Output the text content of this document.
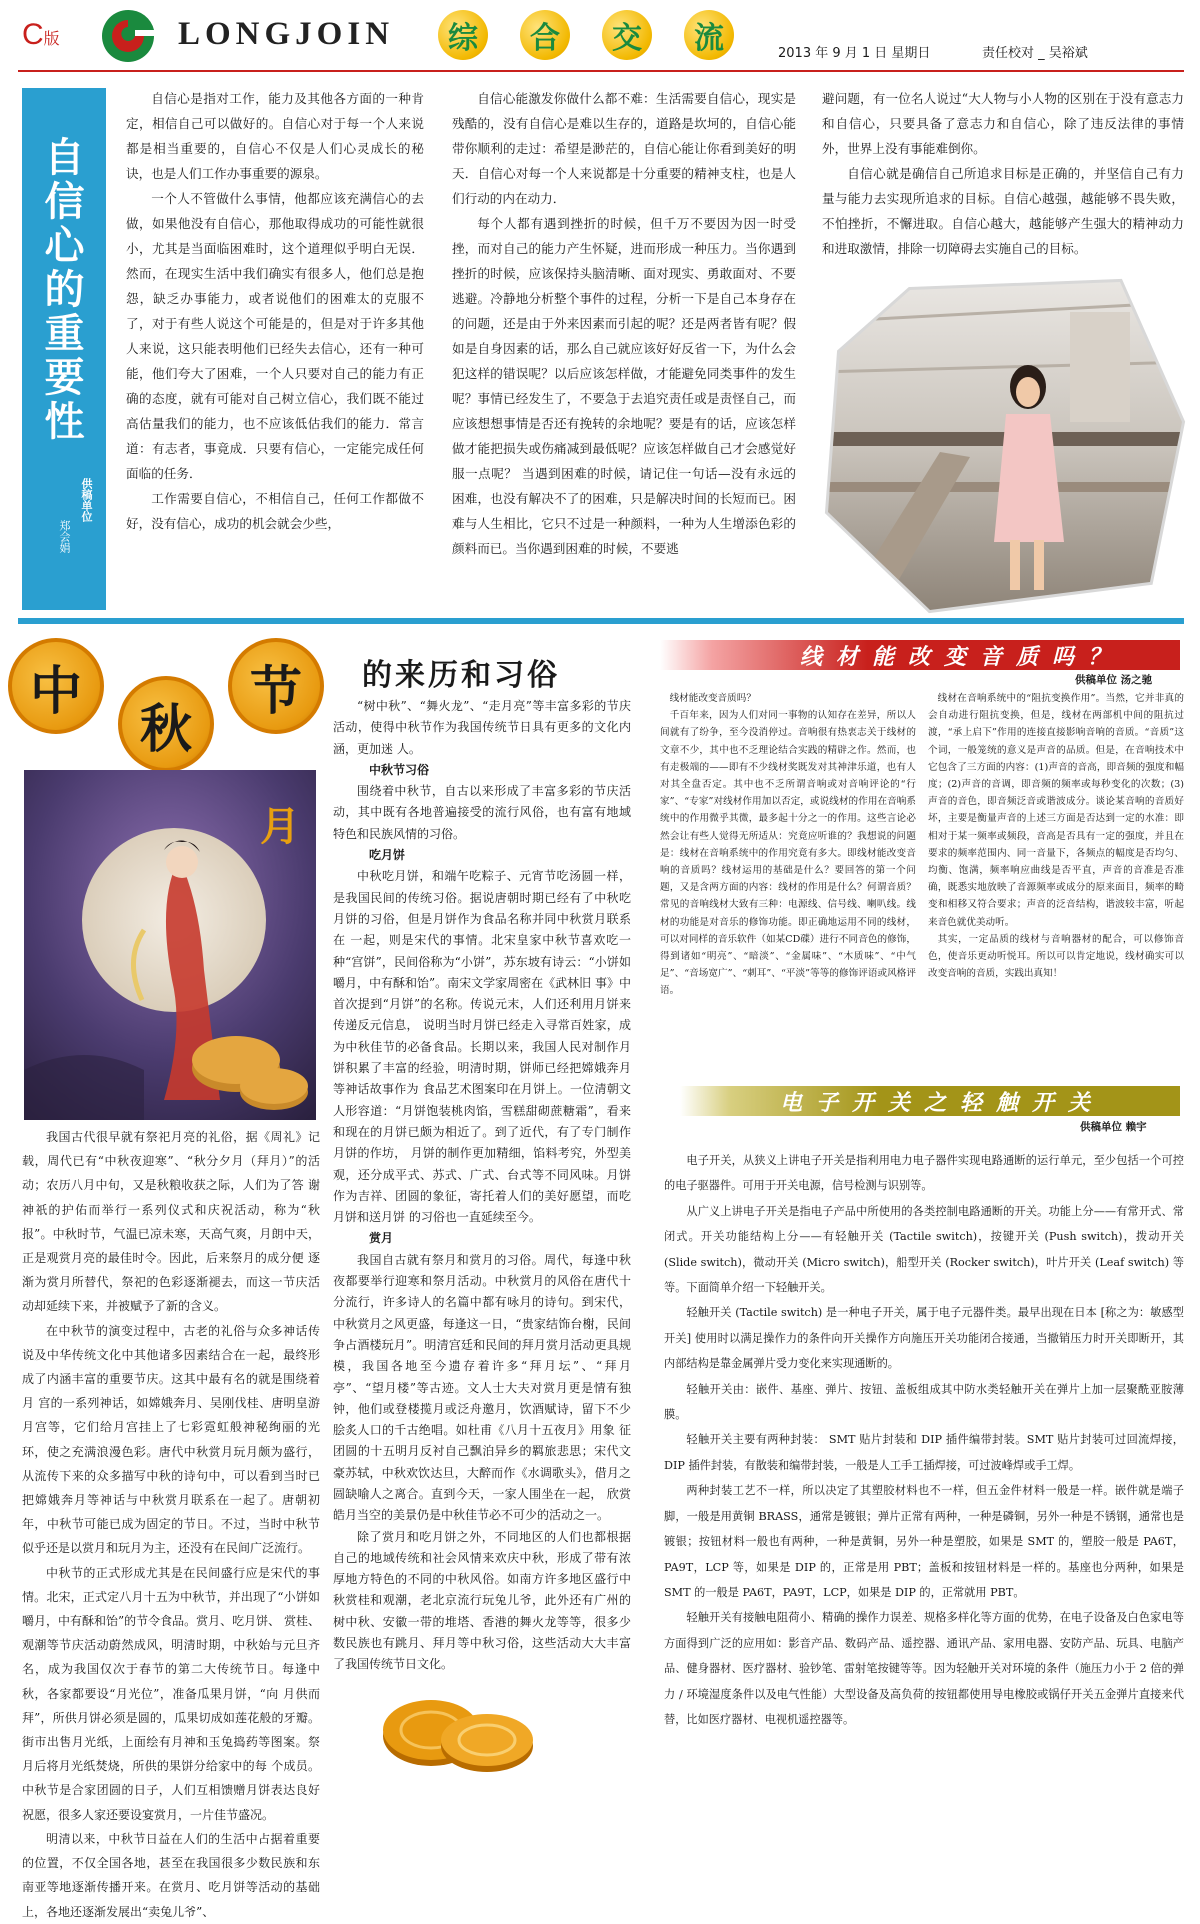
C版	LONGJOIN	综	合	交	流	2013 年 9 月 1 日 星期日	责任校对 _ 吴裕斌
自信心的重要性
供稿单位
郑会娟

自信心是指对工作，能力及其他各方面的一种肯定，相信自己可以做好的。自信心对于每一个人来说都是相当重要的，自信心不仅是人们心灵成长的秘诀，也是人们工作办事重要的源泉。

一个人不管做什么事情，他都应该充满信心的去做，如果他没有自信心，那他取得成功的可能性就很小，尤其是当面临困难时，这个道理似乎明白无误．然而，在现实生活中我们确实有很多人，他们总是抱怨，缺乏办事能力，或者说他们的困难太的克服不了，对于有些人说这个可能是的，但是对于许多其他人来说，这只能表明他们已经失去信心，还有一种可能，他们夸大了困难，一个人只要对自己的能力有正确的态度，就有可能对自己树立信心，我们既不能过高估量我们的能力，也不应该低估我们的能力．常言道：有志者，事竟成．只要有信心，一定能完成任何面临的任务．

工作需要自信心，不相信自己，任何工作都做不好，没有信心，成功的机会就会少些，

自信心能激发你做什么都不难：生活需要自信心，现实是残酷的，没有自信心是难以生存的，道路是坎坷的，自信心能带你顺利的走过：希望是渺茫的，自信心能让你看到美好的明天．自信心对每一个人来说都是十分重要的精神支柱，也是人们行动的内在动力．

每个人都有遇到挫折的时候，但千万不要因为因一时受挫，而对自己的能力产生怀疑，进而形成一种压力。当你遇到挫折的时候，应该保持头脑清晰、面对现实、勇敢面对、不要逃避。冷静地分析整个事件的过程，分析一下是自己本身存在的问题，还是由于外来因素而引起的呢？还是两者皆有呢？假如是自身因素的话，那么自己就应该好好反省一下，为什么会犯这样的错误呢？以后应该怎样做，才能避免同类事件的发生呢？事情已经发生了，不要急于去追究责任或是责怪自己，而应该想想事情是否还有挽转的余地呢？要是有的话，应该怎样做才能把损失或伤痛减到最低呢？应该怎样做自己才会感觉好服一点呢？ 当遇到困难的时候，请记住一句话—没有永远的困难，也没有解决不了的困难，只是解决时间的长短而已。困难与人生相比，它只不过是一种颜料，一种为人生增添色彩的颜料而已。当你遇到困难的时候，不要逃

避问题，有一位名人说过“大人物与小人物的区别在于没有意志力和自信心，只要具备了意志力和自信心，除了违反法律的事情外，世界上没有事能难倒你。

自信心就是确信自己所追求目标是正确的，并坚信自己有力量与能力去实现所追求的目标。自信心越强，越能够不畏失败，不怕挫折，不懈进取。自信心越大，越能够产生强大的精神动力和进取激情，排除一切障碍去实施自己的目标。

中
秋
节	的来历和习俗
月

我国古代很早就有祭祀月亮的礼俗，据《周礼》记载，周代已有“中秋夜迎寒”、“秋分夕月（拜月）”的活动；农历八月中旬，又是秋粮收获之际，人们为了答 谢神祇的护佑而举行一系列仪式和庆祝活动，称为“秋报”。中秋时节，气温已凉未寒，天高气爽，月朗中天，正是观赏月亮的最佳时令。因此，后来祭月的成分便 逐渐为赏月所替代，祭祀的色彩逐渐褪去，而这一节庆活动却延续下来，并被赋予了新的含义。

在中秋节的演变过程中，古老的礼俗与众多神话传说及中华传统文化中其他诸多因素结合在一起，最终形成了内涵丰富的重要节庆。这其中最有名的就是围绕着月 宫的一系列神话，如嫦娥奔月、吴刚伐桂、唐明皇游月宫等，它们给月宫挂上了七彩霓虹般神秘绚丽的光环，使之充满浪漫色彩。唐代中秋赏月玩月颇为盛行，从流传下来的众多描写中秋的诗句中，可以看到当时已把嫦娥奔月等神话与中秋赏月联系在一起了。唐朝初年，中秋节可能已成为固定的节日。不过，当时中秋节似乎还是以赏月和玩月为主，还没有在民间广泛流行。

中秋节的正式形成尤其是在民间盛行应是宋代的事情。北宋，正式定八月十五为中秋节，并出现了“小饼如嚼月，中有酥和饴”的节令食品。赏月、吃月饼、 赏桂、观潮等节庆活动蔚然成风，明清时期，中秋始与元旦齐名，成为我国仅次于春节的第二大传统节日。每逢中秋，各家都要设“月光位”，准备瓜果月饼，“向 月供而拜”，所供月饼必须是圆的，瓜果切成如莲花般的牙瓣。街市出售月光纸，上面绘有月神和玉兔捣药等图案。祭月后将月光纸焚烧，所供的果饼分给家中的每 个成员。中秋节是合家团圆的日子，人们互相馈赠月饼表达良好祝愿，很多人家还要设宴赏月，一片佳节盛况。

明清以来，中秋节日益在人们的生活中占据着重要的位置，不仅全国各地，甚至在我国很多少数民族和东南亚等地逐渐传播开来。在赏月、吃月饼等活动的基础 上，各地还逐渐发展出“卖兔儿爷”、

“树中秋”、“舞火龙”、“走月亮”等丰富多彩的节庆活动，使得中秋节作为我国传统节日具有更多的文化内涵，更加迷 人。

中秋节习俗

围绕着中秋节，自古以来形成了丰富多彩的节庆活动，其中既有各地普遍接受的流行风俗，也有富有地域特色和民族风情的习俗。

吃月饼

中秋吃月饼，和端午吃粽子、元宵节吃汤圆一样，是我国民间的传统习俗。据说唐朝时期已经有了中秋吃月饼的习俗，但是月饼作为食品名称并同中秋赏月联系在 一起，则是宋代的事情。北宋皇家中秋节喜欢吃一种“宫饼”，民间俗称为“小饼”，苏东坡有诗云：“小饼如嚼月，中有酥和饴”。南宋文学家周密在《武林旧 事》中首次提到“月饼”的名称。传说元末，人们还利用月饼来传递反元信息， 说明当时月饼已经走入寻常百姓家，成为中秋佳节的必备食品。长期以来，我国人民对制作月饼积累了丰富的经验，明清时期，饼师已经把嫦娥奔月等神话故事作为 食品艺术图案印在月饼上。一位清朝文人形容道：“月饼饱装桃肉馅，雪糕甜砌蔗糖霜”，看来和现在的月饼已颇为相近了。到了近代，有了专门制作月饼的作坊， 月饼的制作更加精细，馅料考究，外型美观，还分成平式、苏式、广式、台式等不同风味。月饼作为吉祥、团圆的象征，寄托着人们的美好愿望，而吃月饼和送月饼 的习俗也一直延续至今。

赏月

我国自古就有祭月和赏月的习俗。周代，每逢中秋夜都要举行迎寒和祭月活动。中秋赏月的风俗在唐代十分流行，许多诗人的名篇中都有咏月的诗句。到宋代，中秋赏月之风更盛，每逢这一日，“贵家结饰台榭，民间争占酒楼玩月”。明清宫廷和民间的拜月赏月活动更具规模，我国各地至今遗存着许多“拜月坛”、“拜月 亭”、“望月楼”等古迹。文人士大夫对赏月更是情有独钟，他们或登楼揽月或泛舟邀月，饮酒赋诗，留下不少脍炙人口的千古绝唱。如杜甫《八月十五夜月》用象 征团圆的十五明月反衬自己飘泊异乡的羁旅悲思；宋代文豪苏轼，中秋欢饮达旦，大醉而作《水调歌头》，借月之圆缺喻人之离合。直到今天，一家人围坐在一起， 欣赏皓月当空的美景仍是中秋佳节必不可少的活动之一。

除了赏月和吃月饼之外，不同地区的人们也都根据 自己的地域传统和社会风情来欢庆中秋，形成了带有浓厚地方特色的不同的中秋风俗。如南方许多地区盛行中秋赏桂和观潮，老北京流行玩兔儿爷，此外还有广州的 树中秋、安徽一带的堆塔、香港的舞火龙等等，很多少数民族也有跳月、拜月等中秋习俗，这些活动大大丰富了我国传统节日文化。

线材能改变音质吗？
供稿单位 汤之驰

线材能改变音质吗？

千百年来，因为人们对同一事物的认知存在差异，所以人间就有了纷争，至今没消停过。音响很有热衷志关于线材的文章不少，其中也不乏理论结合实践的精辟之作。然而，也有走极端的——即有不少线材奖既发对其神津乐道，也有人对其全盘否定。其中也不乏所谓音响或对音响评论的“行家”、“专家”对线材作用加以否定，或说线材的作用在音响系统中的作用微乎其微，最多起十分之一的作用。这些言论必然会让有些人觉得无所适从：究竟应听谁的？我想说的问题是：线材在音响系统中的作用究竟有多大。即线材能改变音响的音质吗？线材运用的基础是什么？要回答的第一个问题，又是含两方面的内容：线材的作用是什么？何谓音质？常见的音响线材大致有三种：电源线、信号线、喇叭线。线材的功能是对音乐的修饰功能。即正确地运用不同的线材，可以对同样的音乐软件（如某CD碟）进行不同音色的修饰，得到诸如“明亮”、“暗淡”、“金属味”、“木质味”、“中气足”、“音场宽广”、“刺耳”、“平淡”等等的修饰评语或风格评语。

线材在音响系统中的“阻抗变换作用”。当然，它并非真的会自动进行阻抗变换，但是，线材在两部机中间的阻抗过渡，“承上启下”作用的连接直接影响音响的音质。“音质”这个词，一般笼统的意义是声音的品质。但是，在音响技术中它包含了三方面的内容：(1)声音的音高，即音频的强度和幅度；(2)声音的音调，即音频的频率或每秒变化的次数；(3)声音的音色，即音频泛音或谐波成分。谈论某音响的音质好坏，主要是衡量声音的上述三方面是否达到一定的水准：即相对于某一频率或频段，音高是否具有一定的强度，并且在要求的频率范围内、同一音量下，各频点的幅度是否均匀、均衡、饱满，频率响应曲线是否平直，声音的音准是否准确，既悉实地放映了音源频率或成分的原来面目，频率的畸变和相移又符合要求；声音的泛音结构，谐波较丰富，听起来音色就优美动听。

其实，一定品质的线材与音响器材的配合，可以修饰音色，使音乐更动听悦耳。所以可以肯定地说，线材确实可以改变音响的音质，实践出真知！

电子开关之轻触开关
供稿单位 赖宇

电子开关，从狭义上讲电子开关是指利用电力电子器件实现电路通断的运行单元，至少包括一个可控的电子驱器件。可用于开关电源，信号检测与识别等。

从广义上讲电子开关是指电子产品中所使用的各类控制电路通断的开关。功能上分——有常开式、常闭式。开关功能结构上分——有轻触开关 (Tactile switch)，按键开关 (Push switch)，拨动开关 (Slide switch)，微动开关 (Micro switch)，船型开关 (Rocker switch)，叶片开关 (Leaf switch) 等等。下面简单介绍一下轻触开关。

轻触开关 (Tactile switch) 是一种电子开关，属于电子元器件类。最早出现在日本 [称之为：敏感型开关] 使用时以满足操作力的条件向开关操作方向施压开关功能闭合接通，当撤销压力时开关即断开，其内部结构是靠金属弹片受力变化来实现通断的。

轻触开关由：嵌件、基座、弹片、按钮、盖板组成其中防水类轻触开关在弹片上加一层聚酰亚胺薄膜。

轻触开关主要有两种封装： SMT 贴片封装和 DIP 插件编带封装。SMT 贴片封装可过回流焊接，DIP 插件封装，有散装和编带封装，一般是人工手工插焊接，可过波峰焊或手工焊。

两种封装工艺不一样，所以决定了其塑胶材料也不一样，但五金件材料一般是一样。嵌件就是端子脚，一般是用黄铜 BRASS，通常是镀银；弹片正常有两种，一种是磷铜，另外一种是不锈钢，通常也是镀银；按钮材料一般也有两种，一种是黄铜，另外一种是塑胶，如果是 SMT 的，塑胶一般是 PA6T，PA9T，LCP 等，如果是 DIP 的，正常是用 PBT；盖板和按钮材料是一样的。基座也分两种，如果是 SMT 的一般是 PA6T，PA9T，LCP，如果是 DIP 的，正常就用 PBT。

轻触开关有接触电阻荷小、精确的操作力误差、规格多样化等方面的优势，在电子设备及白色家电等方面得到广泛的应用如：影音产品、数码产品、遥控器、通讯产品、家用电器、安防产品、玩具、电脑产品、健身器材、医疗器材、验钞笔、雷射笔按键等等。因为轻触开关对环境的条件（施压力小于 2 倍的弹力 / 环境湿度条件以及电气性能）大型设备及高负荷的按钮都使用导电橡胶或锅仔开关五金弹片直接来代替，比如医疗器材、电视机遥控器等。
